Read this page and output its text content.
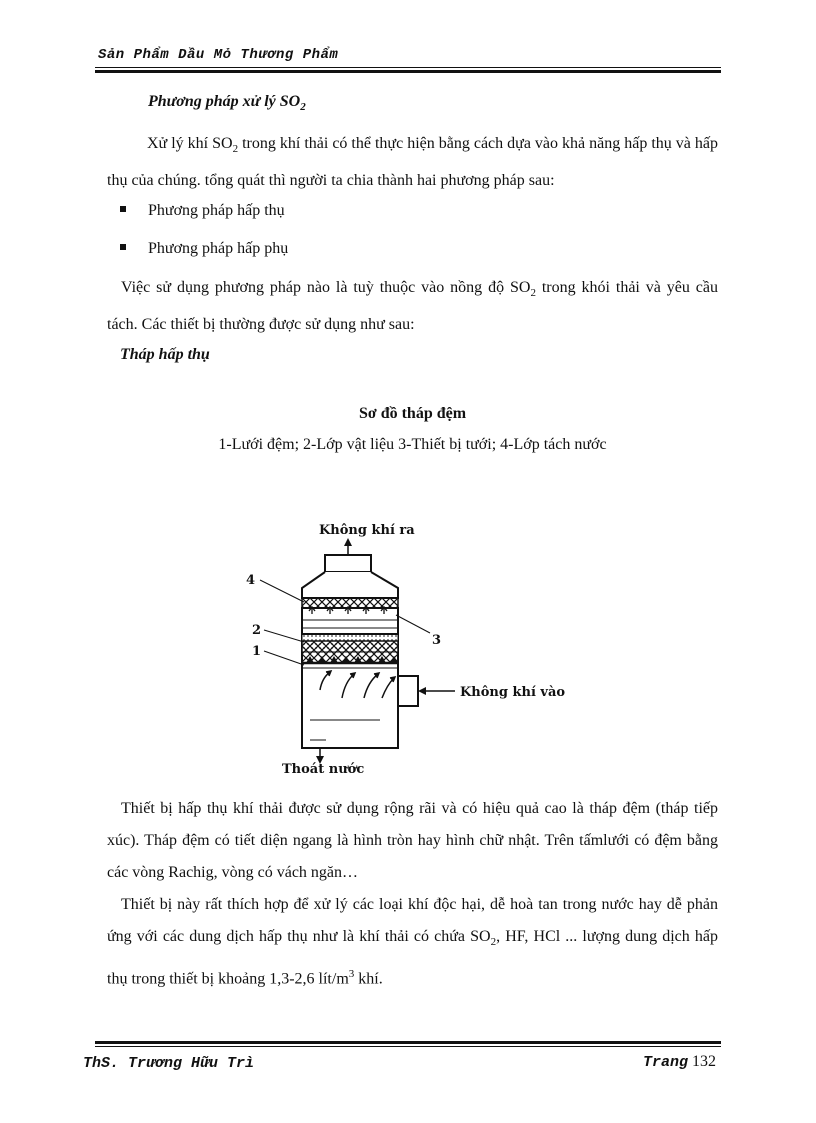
Sản Phẩm Dầu Mỏ Thương Phẩm

Phương pháp xử lý $SO_2$

Xử lý khí $SO_2$ trong khí thải có thể thực hiện bằng cách dựa vào khả năng hấp thụ và hấp thụ của chúng. tổng quát thì người ta chia thành hai phương pháp sau:

Phương pháp hấp thụ
Phương pháp hấp phụ

Việc sử dụng phương pháp nào là tuỳ thuộc vào nồng độ $SO_2$ trong khói thải và yêu cầu tách. Các thiết bị thường được sử dụng như sau:

Tháp hấp thụ

Sơ đồ tháp đệm
1-Lưới đệm; 2-Lớp vật liệu 3-Thiết bị tưới; 4-Lớp tách nước
Không khí ra
Không khí vào
Thoát nước
4
2
1
3

Thiết bị hấp thụ khí thải được sử dụng rộng rãi và có hiệu quả cao là tháp đệm (tháp tiếp xúc). Tháp đệm có tiết diện ngang là hình tròn hay hình chữ nhật. Trên tấmlưới có đệm bằng các vòng Rachig, vòng có vách ngăn…

Thiết bị này rất thích hợp để xử lý các loại khí độc hại, dễ hoà tan trong nước hay dễ phản ứng với các dung dịch hấp thụ như là khí thải có chứa $SO_2$, HF, HCl ... lượng dung dịch hấp thụ trong thiết bị khoảng 1,3-2,6 lít/$m^3$ khí.

ThS. Trương Hữu Trì	Trang 132
